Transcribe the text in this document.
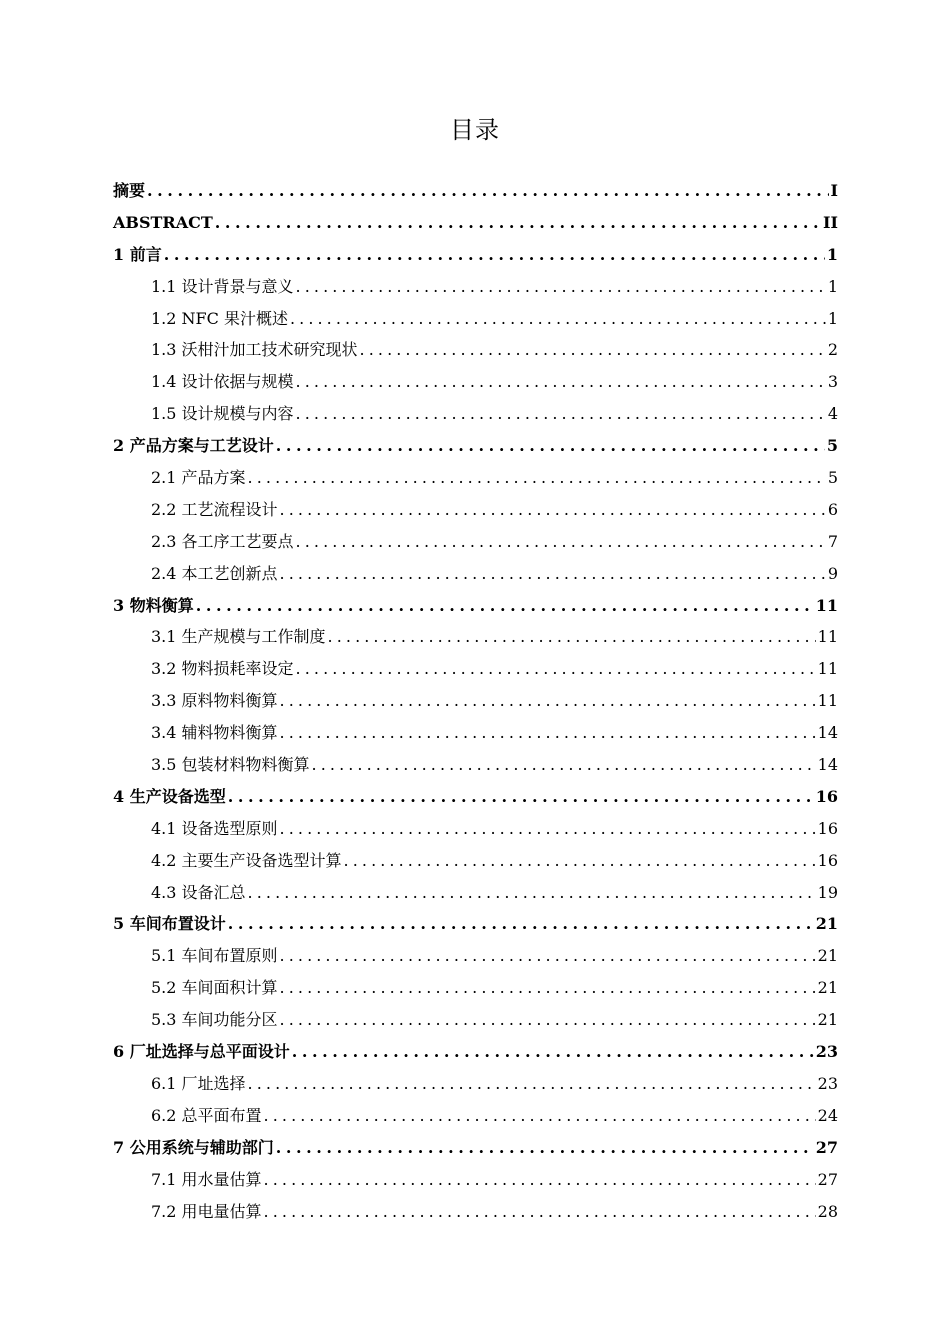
目录
摘要 . . .	I
ABSTRACT . . .	II
1 前言 . . .	1
1.1 设计背景与意义 . . .	1
1.2 NFC 果汁概述 . . .	1
1.3 沃柑汁加工技术研究现状 . . .	2
1.4 设计依据与规模 . . .	3
1.5 设计规模与内容 . . .	4
2 产品方案与工艺设计 . . .	5
2.1 产品方案 . . .	5
2.2 工艺流程设计 . . .	6
2.3 各工序工艺要点 . . .	7
2.4 本工艺创新点 . . .	9
3 物料衡算 . . .	11
3.1 生产规模与工作制度 . . .	11
3.2 物料损耗率设定 . . .	11
3.3 原料物料衡算 . . .	11
3.4 辅料物料衡算 . . .	14
3.5 包装材料物料衡算 . . .	14
4 生产设备选型 . . .	16
4.1 设备选型原则 . . .	16
4.2 主要生产设备选型计算 . . .	16
4.3 设备汇总 . . .	19
5 车间布置设计 . . .	21
5.1 车间布置原则 . . .	21
5.2 车间面积计算 . . .	21
5.3 车间功能分区 . . .	21
6 厂址选择与总平面设计 . . .	23
6.1 厂址选择 . . .	23
6.2 总平面布置 . . .	24
7 公用系统与辅助部门 . . .	27
7.1 用水量估算 . . .	27
7.2 用电量估算 . . .	28
